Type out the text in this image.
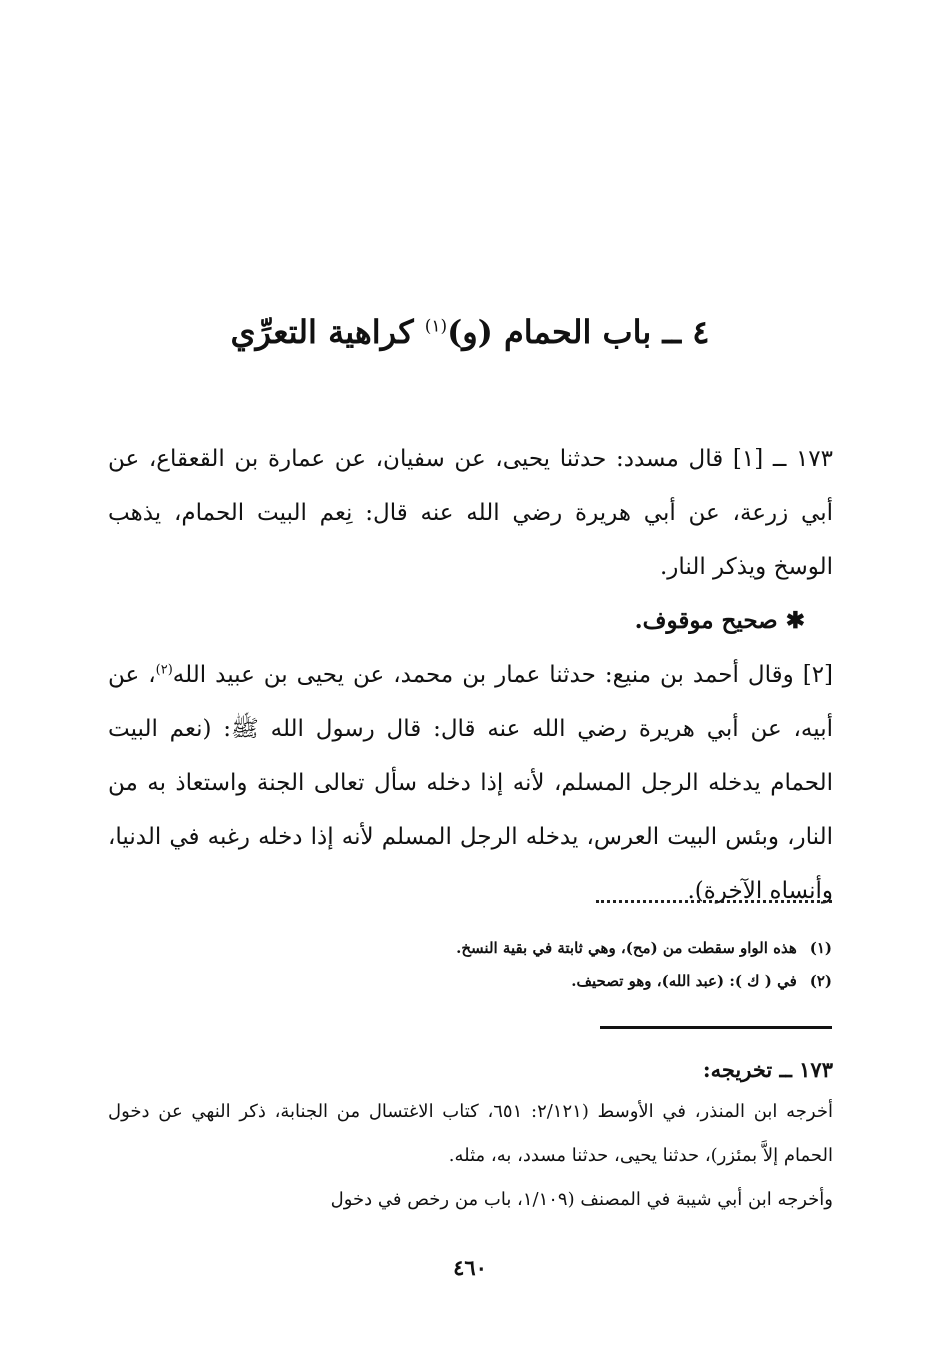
٤ ــ باب الحمام (و)$^{(١)}$ كراهية التعرِّي

١٧٣ ــ [١] قال مسدد: حدثنا يحيى، عن سفيان، عن عمارة بن القعقاع، عن أبي زرعة، عن أبي هريرة رضي الله عنه قال: نِعم البيت الحمام، يذهب الوسخ ويذكر النار.

✱ صحيح موقوف.

[٢] وقال أحمد بن منيع: حدثنا عمار بن محمد، عن يحيى بن عبيد الله$^{(٢)}$، عن أبيه، عن أبي هريرة رضي الله عنه قال: قال رسول الله ﷺ: (نعم البيت الحمام يدخله الرجل المسلم، لأنه إذا دخله سأل تعالى الجنة واستعاذ به من النار، وبئس البيت العرس، يدخله الرجل المسلم لأنه إذا دخله رغبه في الدنيا، وأنساه الآخرة).

(١) هذه الواو سقطت من (مح)، وهي ثابتة في بقية النسخ.

(٢) في ( ك ): (عبد الله)، وهو تصحيف.

١٧٣ ــ تخريجه:

أخرجه ابن المنذر، في الأوسط (٢/١٢١: ٦٥١، كتاب الاغتسال من الجنابة، ذكر النهي عن دخول الحمام إلاَّ بمئزر)، حدثنا يحيى، حدثنا مسدد، به، مثله.

وأخرجه ابن أبي شيبة في المصنف (١/١٠٩، باب من رخص في دخول

٤٦٠
